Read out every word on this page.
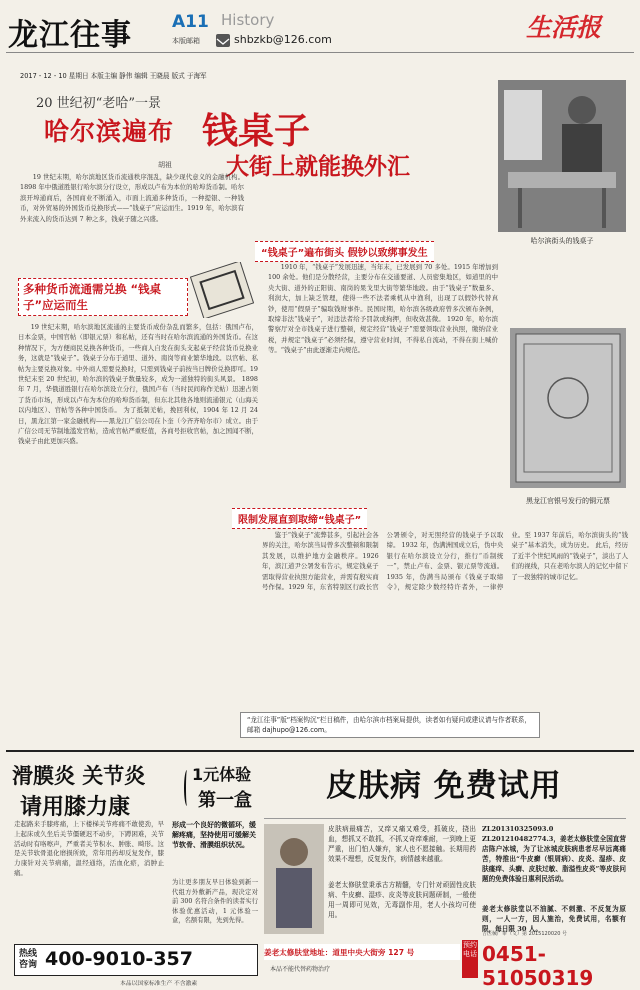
龙江往事 A11
本版邮箱
History
shbzkb@126.com	生活报
2017 - 12 - 10 星期日 本版主编 静伟 编辑 王晓晨 版式 于海军
20 世纪初“老哈”一景
哈尔滨遍布 钱桌子
大街上就能换外汇
胡祖
哈尔滨街头的钱桌子

19 世纪末期，哈尔滨地区货币流通秩序混乱，缺少现代意义的金融机构。1898 年中俄道胜银行哈尔滨分行设立，形成以卢布为本位的哈埠货币制。哈尔滨开埠通商后，各国商业不断涌入，市面上流通多种货币，一种提银、一种钱币，对外贸易的外国货币兑换形式——“钱桌子”应运而生。1919 年，哈尔滨有外来流入的货币达到 7 种之多，钱桌子随之兴盛。

“钱桌子”遍布街头 假钞以致绑事发生
多种货币流通需兑换 “钱桌子”应运而生

19 世纪末期，哈尔滨地区流通的主要货币成份杂乱而繁多，包括：俄国卢布，日本金票，中国官帖（即银元票）和私帖，还有当时在哈尔滨流通的外国货币。在这种情况下，为方便商民兑换各种货币，一些商人自发在街头支起桌子经营货币兑换业务，这就是“钱桌子”。钱桌子分布于道里、道外、南岗等商业繁华地段。以官帖、私帖为主要兑换对象。中外商人需要兑换时，只需到钱桌子前按当日牌价兑换即可。19 世纪末至 20 世纪初，哈尔滨的钱桌子数量较多，成为一道独特的街头风景。 1898 年 7 月，华俄道胜银行在哈尔滨设立分行，俄国卢布（当时民间称作羌帖）迅速占领了货币市场，形成以卢布为本位的哈埠货币制，但东北其他各地则流通银元（山海关以内地区）、官帖等各种中国货币。 为了抵制羌帖，挽回利权，1904 年 12 月 24 日，黑龙江第一家金融机构——黑龙江广信公司在卜奎（今齐齐哈尔市）成立。由于广信公司无节制地滥发官帖，造成官帖严重贬值，各商号拒收官帖，加之国闻不断，钱桌子由此更加兴盛。

1910 年，“钱桌子”发展迅速，当年末，已发展到 70 多处。1915 年增加到 100 余处。他们是分散经营，主要分布在交通要道、人员密集地区，如道里的中央大街、道外的正阳街、南岗的果戈里大街等繁华地段。由于“钱桌子”数量多、利润大，加上缺乏管理，使得一些不法者乘机从中渔利，出现了以假钞代替真钞，使用“假票子”骗取钱财事件。民国时期，哈尔滨各级政府曾多次颁布条例，取缔非法“钱桌子”，对违法者给予罚款或拘押，但收效甚微。 1920 年，哈尔滨警察厅对全市钱桌子进行整顿，规定经营“钱桌子”需要领取营业执照，缴纳营业税，并规定“钱桌子”必须经保，遵守营业时间，不得私自流动，不得在街上喊价等。“钱桌子”由此逐渐走向规范。

黑龙江官银号发行的铜元票
限制发展直到取缔“钱桌子”

鉴于“钱桌子”流弊甚多，引起社会各界的关注，哈尔滨当局曾多次整顿和限制其发展，以维护地方金融秩序。1926 年，滨江道尹公署发布告示，规定钱桌子需取得营业执照方能营业，并需有殷实商号作保。1929 年，东省特别区行政长官公署颁令，对无照经营的钱桌子予以取缔。 1932 年，伪满洲国成立后，伪中央银行在哈尔滨设立分行，推行“币制统一”，禁止卢布、金票、银元票等流通。1935 年，伪满当局颁布《钱桌子取缔令》，规定除少数经特许者外，一律停业。至 1937 年前后，哈尔滨街头的“钱桌子”基本消失，成为历史。 此后，经历了近半个世纪风雨的“钱桌子”，淡出了人们的视线，只在老哈尔滨人的记忆中留下了一段独特的城市记忆。

“龙江往事”版“档案钩沉”栏目稿件，由哈尔滨市档案局提供，读者如有疑问或建议请与作者联系，邮箱 dajhupo@126.com。
滑膜炎 关节炎
请用膝力康
1元体验
第一盒
走起路来手膝疼痛，上下楼梯关节疼痛不敢使劲，早上起床或久坐后关节僵硬迟不动步，下蹲困难，关节活动时有咯嚓声，严重者关节积水、肿胀、畸形。这是关节软骨退化磨损所致，常年用药却反复发作，膝力康针对关节病痛，温经通络，活血化瘀，消肿止痛。
形成一个良好的微循环，缓解疼痛，坚持使用可缓解关节软骨、滑膜组织状况。
为让更多朋友早日体验到新一代组方外敷新产品，现决定对前 300 名符合条件的读者实行体验优惠活动，1 元体验一盒，名额有限，先到先得。
热线咨询 400-9010-357
本品以国家标准生产 不含激素
皮肤病 免费试用
皮肤病最痛苦，又痒又痛又难受，抓破皮，挠出血，想抓又不敢抓，不抓又奇痒难耐，一到晚上更严重，出门怕人嫌弃，家人也不愿接触。长期用药效果不理想，反复发作，病情越来越重。
姜老太修肤堂秉承古方精髓，专门针对顽固性皮肤病、牛皮癣、湿疹、皮炎等皮肤问题研制，一般使用一周即可见效，无毒副作用，老人小孩均可使用。
ZL201310325093.0 ZL201210482774.3，姜老太修肤堂全国直营店陈户冰城，为了让冰城皮肤病患者尽早远离痛苦，特推出“牛皮癣（银屑病）、皮炎、湿疹、皮肤瘙痒、头癣、皮肤过敏、脂溢性皮炎”等皮肤问题的免费体验日惠利民活动。
姜老太修肤堂以不油腻、不刺激、不反复为原则，一人一方，因人施治，免费试用，名额有限，每日限 30 人。
姜老太修肤堂地址：道里中央大街旁 127 号
预约电话 0451-51050319
本品不能代替药物治疗
吉医械广审（文）第 2015120020 号
